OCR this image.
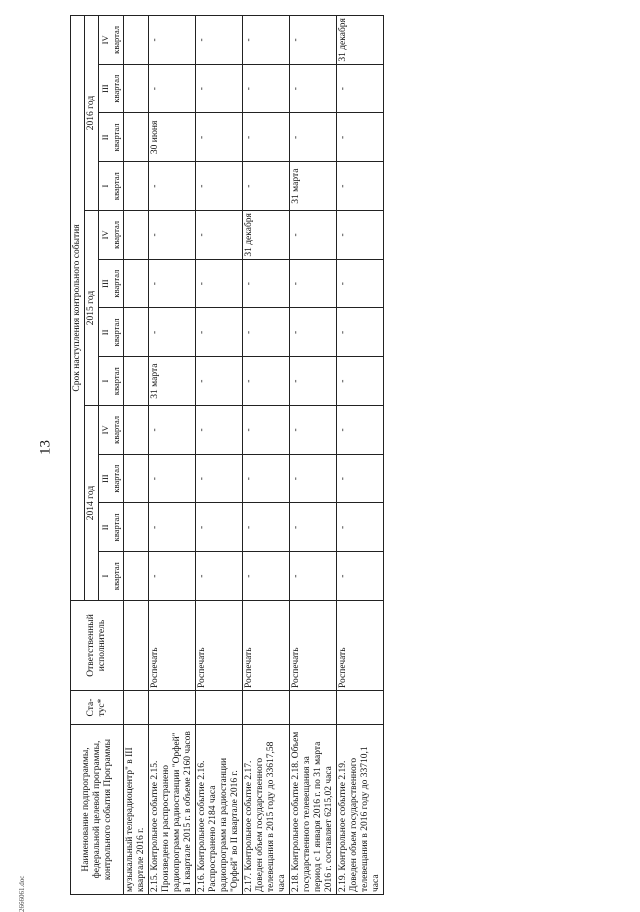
13
Наименование подпрограммы, федеральной целевой программы, контрольного события Программы	Ста-тус*	Ответственный исполнитель	Срок наступления контрольного события											
			2014 год				2015 год				2016 год			

			I квартал	II квартал	III квартал	IV квартал	I квартал	II квартал	III квартал	IV квартал	I квартал	II квартал	III квартал	IV квартал

музыкальный телерадиоцентр" в III квартале 2016 г.														
2.15. Контрольное событие 2.15. Произведено и распространено радиопрограмм радиостанции "Орфей" в I квартале 2015 г. в объеме 2160 часов		Роспечать	-	-	-	-	31 марта	-	-	-	-	30 июня	-	-
2.16. Контрольное событие 2.16. Распространено 2184 часа радиопрограмм на радиостанции "Орфей" во II квартале 2016 г.		Роспечать	-	-	-	-	-	-	-	-	-	-	-	-
2.17. Контрольное событие 2.17. Доведен объем государственного телевещания в 2015 году до 33617,58 часа		Роспечать	-	-	-	-	-	-	-	31 декабря	-	-	-	-
2.18. Контрольное событие 2.18. Объем государственного телевещания за период с 1 января 2016 г. по 31 марта 2016 г. составляет 6215,02 часа		Роспечать	-	-	-	-	-	-	-	-	31 марта	-	-	-
2.19. Контрольное событие 2.19. Доведен объем государственного телевещания в 2016 году до 33710,1 часа		Роспечать	-	-	-	-	-	-	-	-	-	-	-	31 декабря
2666061.doc
